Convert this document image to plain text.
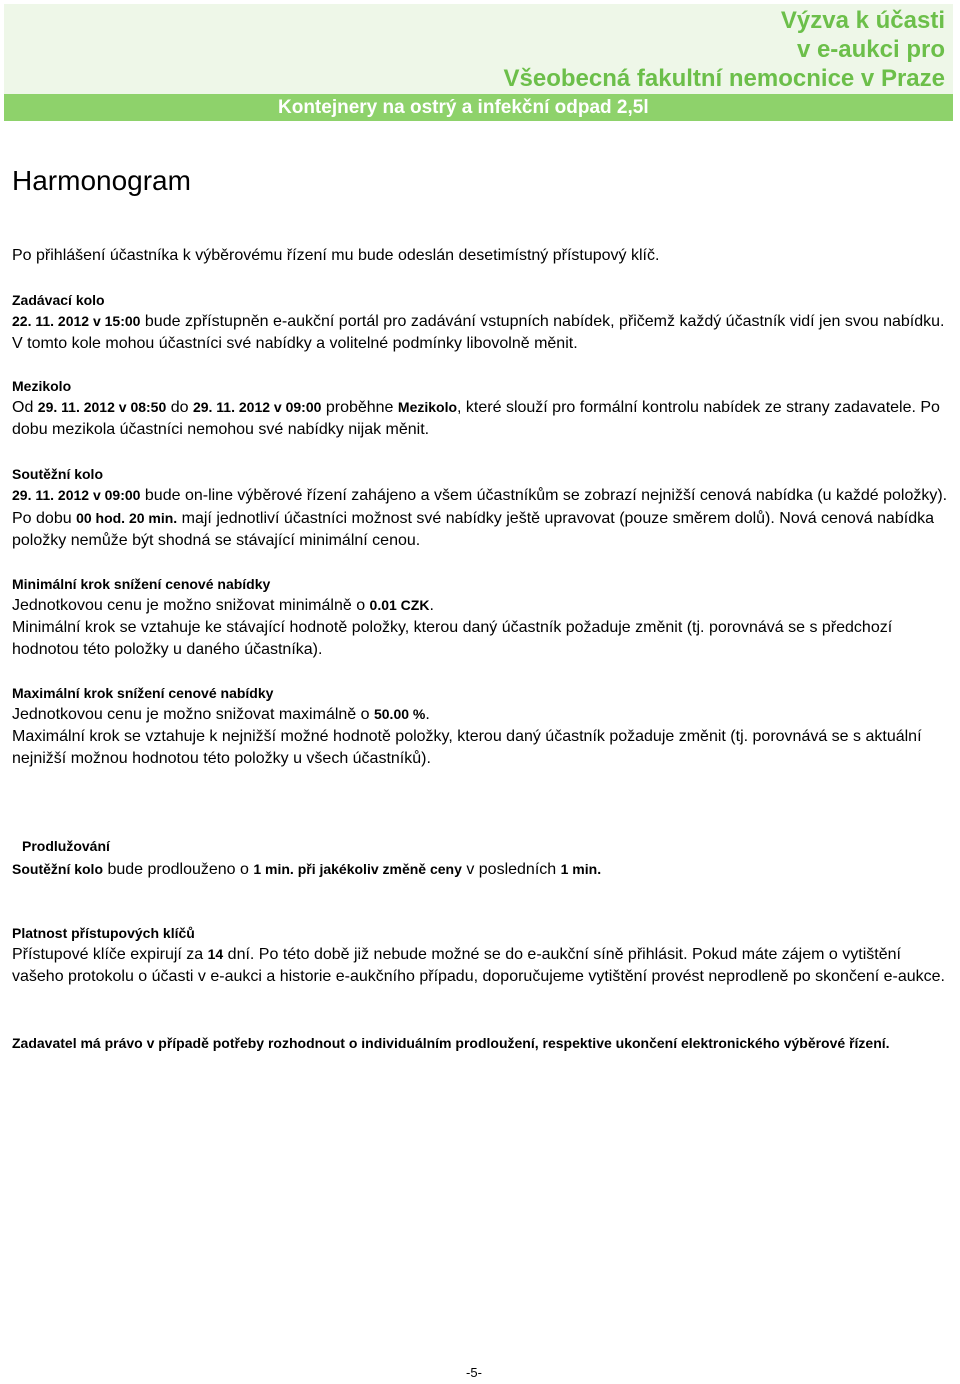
Výzva k účasti
v e-aukci pro
Všeobecná fakultní nemocnice v Praze
Kontejnery na ostrý a infekční odpad 2,5l
Harmonogram

Po přihlášení účastníka k výběrovému řízení mu bude odeslán desetimístný přístupový klíč.

Zadávací kolo

22. 11. 2012 v 15:00 bude zpřístupněn e-aukční portál pro zadávání vstupních nabídek, přičemž každý účastník vidí jen svou nabídku. V tomto kole mohou účastníci své nabídky a volitelné podmínky libovolně měnit.

Mezikolo

Od 29. 11. 2012 v 08:50 do 29. 11. 2012 v 09:00 proběhne Mezikolo, které slouží pro formální kontrolu nabídek ze strany zadavatele. Po dobu mezikola účastníci nemohou své nabídky nijak měnit.

Soutěžní kolo

29. 11. 2012 v 09:00 bude on-line výběrové řízení zahájeno a všem účastníkům se zobrazí nejnižší cenová nabídka (u každé položky). Po dobu 00 hod. 20 min. mají jednotliví účastníci možnost své nabídky ještě upravovat (pouze směrem dolů). Nová cenová nabídka položky nemůže být shodná se stávající minimální cenou.

Minimální krok snížení cenové nabídky

Jednotkovou cenu je možno snižovat minimálně o 0.01 CZK.

Minimální krok se vztahuje ke stávající hodnotě položky, kterou daný účastník požaduje změnit (tj. porovnává se s předchozí hodnotou této položky u daného účastníka).

Maximální krok snížení cenové nabídky

Jednotkovou cenu je možno snižovat maximálně o 50.00 %.

Maximální krok se vztahuje k nejnižší možné hodnotě položky, kterou daný účastník požaduje změnit (tj. porovnává se s aktuální nejnižší možnou hodnotou této položky u všech účastníků).

Prodlužování

Soutěžní kolo bude prodlouženo o 1 min. při jakékoliv změně ceny v posledních 1 min.

Platnost přístupových klíčů

Přístupové klíče expirují za 14 dní. Po této době již nebude možné se do e-aukční síně přihlásit. Pokud máte zájem o vytištění vašeho protokolu o účasti v e-aukci a historie e-aukčního případu, doporučujeme vytištění provést neprodleně po skončení e-aukce.

Zadavatel má právo v případě potřeby rozhodnout o individuálním prodloužení, respektive ukončení elektronického výběrové řízení.

-5-
